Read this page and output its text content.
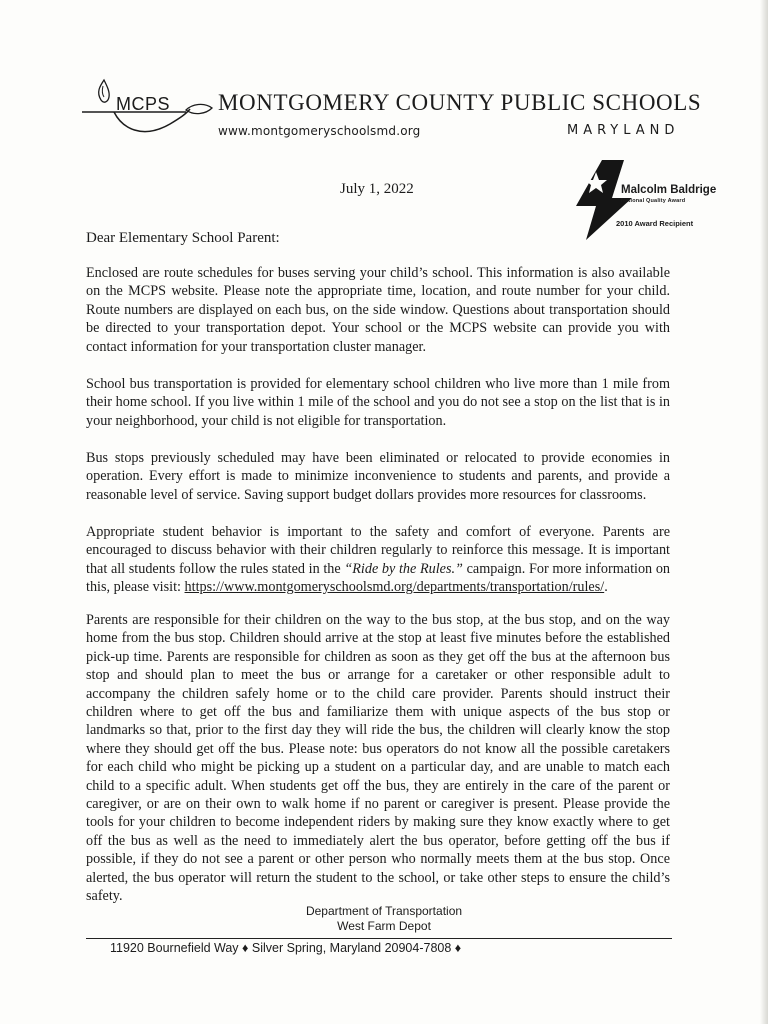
MCPS MONTGOMERY COUNTY PUBLIC SCHOOLS
www.montgomeryschoolsmd.org	MARYLAND
Malcolm Baldrige
National Quality Award
2010 Award Recipient
July 1, 2022
Dear Elementary School Parent:
Enclosed are route schedules for buses serving your child’s school. This information is also available on the MCPS website. Please note the appropriate time, location, and route number for your child. Route numbers are displayed on each bus, on the side window. Questions about transportation should be directed to your transportation depot. Your school or the MCPS website can provide you with contact information for your transportation cluster manager.
School bus transportation is provided for elementary school children who live more than 1 mile from their home school. If you live within 1 mile of the school and you do not see a stop on the list that is in your neighborhood, your child is not eligible for transportation.
Bus stops previously scheduled may have been eliminated or relocated to provide economies in operation. Every effort is made to minimize inconvenience to students and parents, and provide a reasonable level of service. Saving support budget dollars provides more resources for classrooms.
Appropriate student behavior is important to the safety and comfort of everyone. Parents are encouraged to discuss behavior with their children regularly to reinforce this message. It is important that all students follow the rules stated in the “Ride by the Rules.” campaign. For more information on this, please visit: https://www.montgomeryschoolsmd.org/departments/transportation/rules/.
Parents are responsible for their children on the way to the bus stop, at the bus stop, and on the way home from the bus stop. Children should arrive at the stop at least five minutes before the established pick-up time. Parents are responsible for children as soon as they get off the bus at the afternoon bus stop and should plan to meet the bus or arrange for a caretaker or other responsible adult to accompany the children safely home or to the child care provider. Parents should instruct their children where to get off the bus and familiarize them with unique aspects of the bus stop or landmarks so that, prior to the first day they will ride the bus, the children will clearly know the stop where they should get off the bus. Please note: bus operators do not know all the possible caretakers for each child who might be picking up a student on a particular day, and are unable to match each child to a specific adult. When students get off the bus, they are entirely in the care of the parent or caregiver, or are on their own to walk home if no parent or caregiver is present. Please provide the tools for your children to become independent riders by making sure they know exactly where to get off the bus as well as the need to immediately alert the bus operator, before getting off the bus if possible, if they do not see a parent or other person who normally meets them at the bus stop. Once alerted, the bus operator will return the student to the school, or take other steps to ensure the child’s safety.
Department of Transportation
West Farm Depot
11920 Bournefield Way ♦ Silver Spring, Maryland 20904-7808 ♦
